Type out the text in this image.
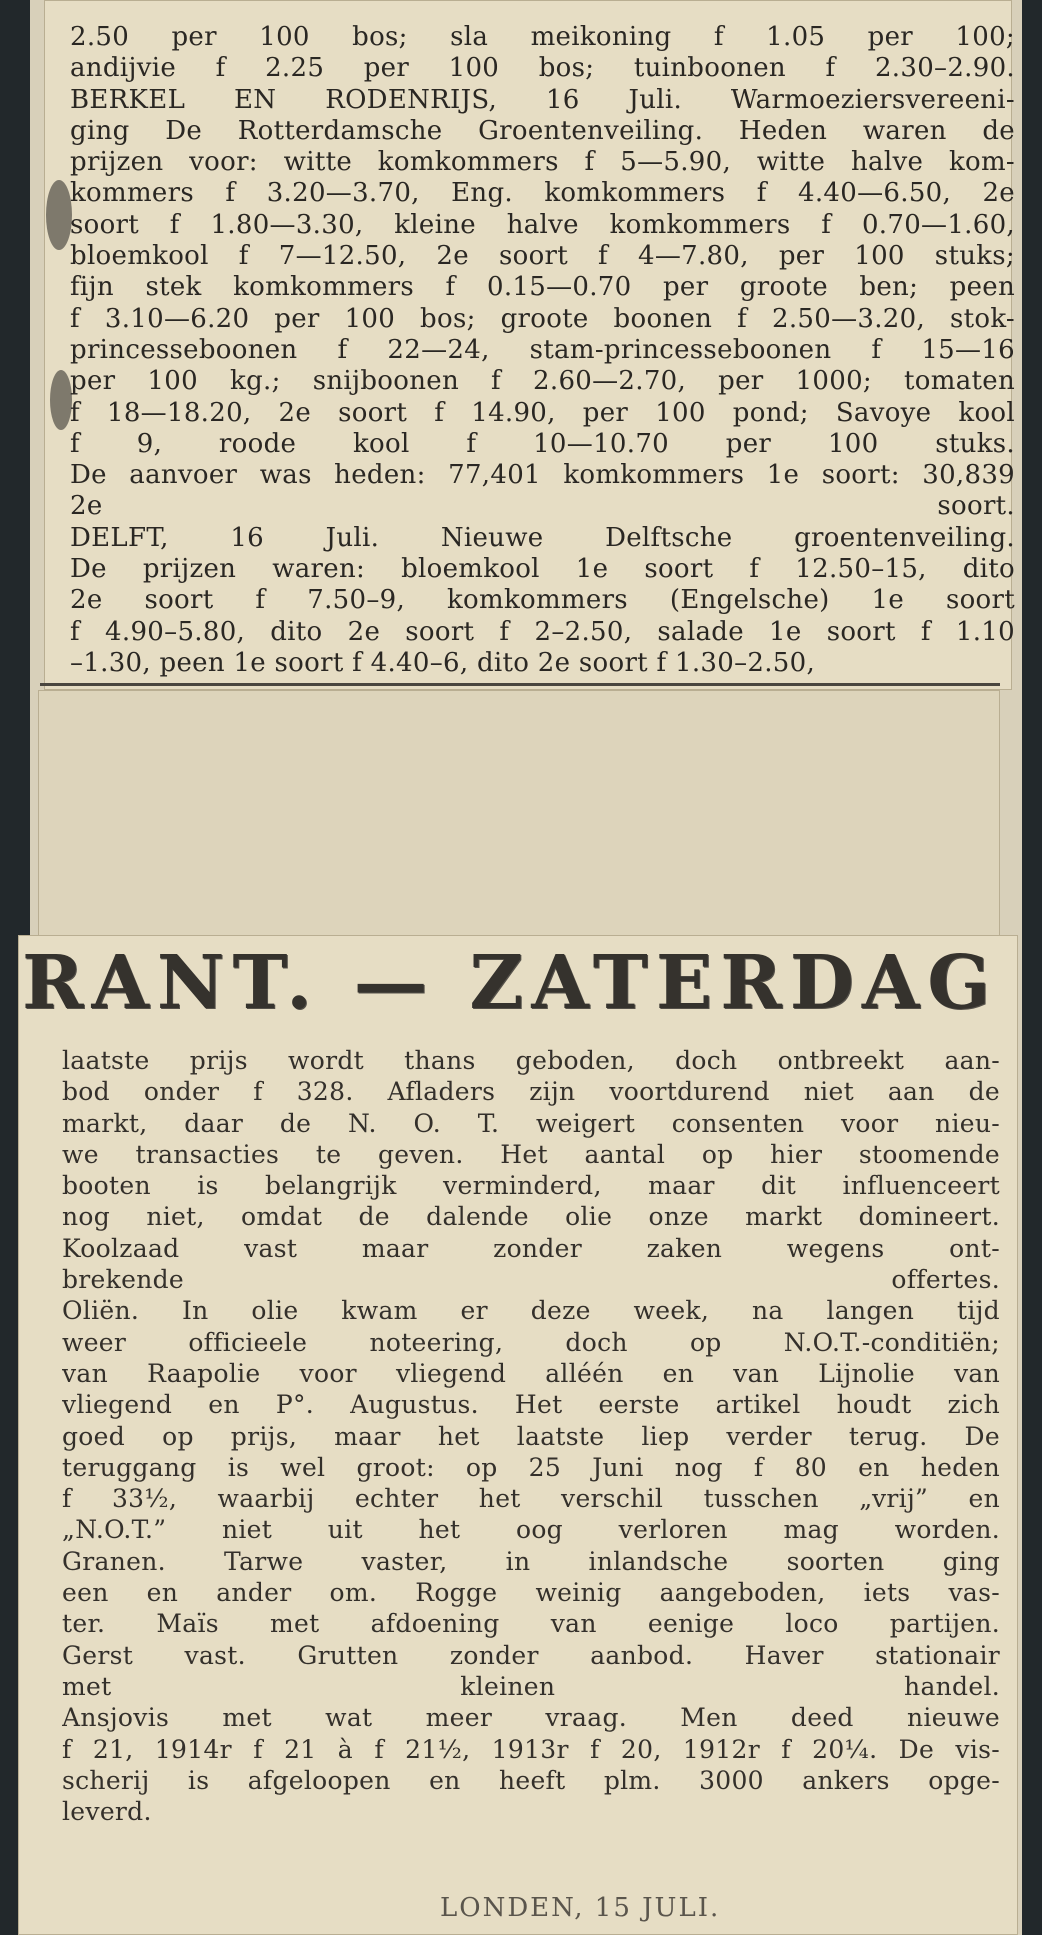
2.50 per 100 bos; sla meikoning f 1.05 per 100;
andijvie f 2.25 per 100 bos; tuinboonen f 2.30–2.90.
BERKEL EN RODENRIJS, 16 Juli. Warmoeziersvereeni-
ging De Rotterdamsche Groentenveiling. Heden waren de
prijzen voor: witte komkommers f 5—5.90, witte halve kom-
kommers f 3.20—3.70, Eng. komkommers f 4.40—6.50, 2e
soort f 1.80—3.30, kleine halve komkommers f 0.70—1.60,
bloemkool f 7—12.50, 2e soort f 4—7.80, per 100 stuks;
fijn stek komkommers f 0.15—0.70 per groote ben; peen
f 3.10—6.20 per 100 bos; groote boonen f 2.50—3.20, stok-
princesseboonen f 22—24, stam-princesseboonen f 15—16
per 100 kg.; snijboonen f 2.60—2.70, per 1000; tomaten
f 18—18.20, 2e soort f 14.90, per 100 pond; Savoye kool
f 9, roode kool f 10—10.70 per 100 stuks.
De aanvoer was heden: 77,401 komkommers 1e soort: 30,839
2e soort.
DELFT, 16 Juli. Nieuwe Delftsche groentenveiling.
De prijzen waren: bloemkool 1e soort f 12.50–15, dito
2e soort f 7.50–9, komkommers (Engelsche) 1e soort
f 4.90–5.80, dito 2e soort f 2–2.50, salade 1e soort f 1.10
–1.30, peen 1e soort f 4.40–6, dito 2e soort f 1.30–2.50,
RANT. — ZATERDAG
laatste prijs wordt thans geboden, doch ontbreekt aan-
bod onder f 328. Afladers zijn voortdurend niet aan de
markt, daar de N. O. T. weigert consenten voor nieu-
we transacties te geven. Het aantal op hier stoomende
booten is belangrijk verminderd, maar dit influenceert
nog niet, omdat de dalende olie onze markt domineert.
Koolzaad vast maar zonder zaken wegens ont-
brekende offertes.
Oliën. In olie kwam er deze week, na langen tijd
weer officieele noteering, doch op N.O.T.-conditiën;
van Raapolie voor vliegend alléén en van Lijnolie van
vliegend en P°. Augustus. Het eerste artikel houdt zich
goed op prijs, maar het laatste liep verder terug. De
teruggang is wel groot: op 25 Juni nog f 80 en heden
f 33½, waarbij echter het verschil tusschen „vrij” en
„N.O.T.” niet uit het oog verloren mag worden.
Granen. Tarwe vaster, in inlandsche soorten ging
een en ander om. Rogge weinig aangeboden, iets vas-
ter. Maïs met afdoening van eenige loco partijen.
Gerst vast. Grutten zonder aanbod. Haver stationair
met kleinen handel.
Ansjovis met wat meer vraag. Men deed nieuwe
f 21, 1914r f 21 à f 21½, 1913r f 20, 1912r f 20¼. De vis-
scherij is afgeloopen en heeft plm. 3000 ankers opge-
leverd.
LONDEN, 15 JULI.
